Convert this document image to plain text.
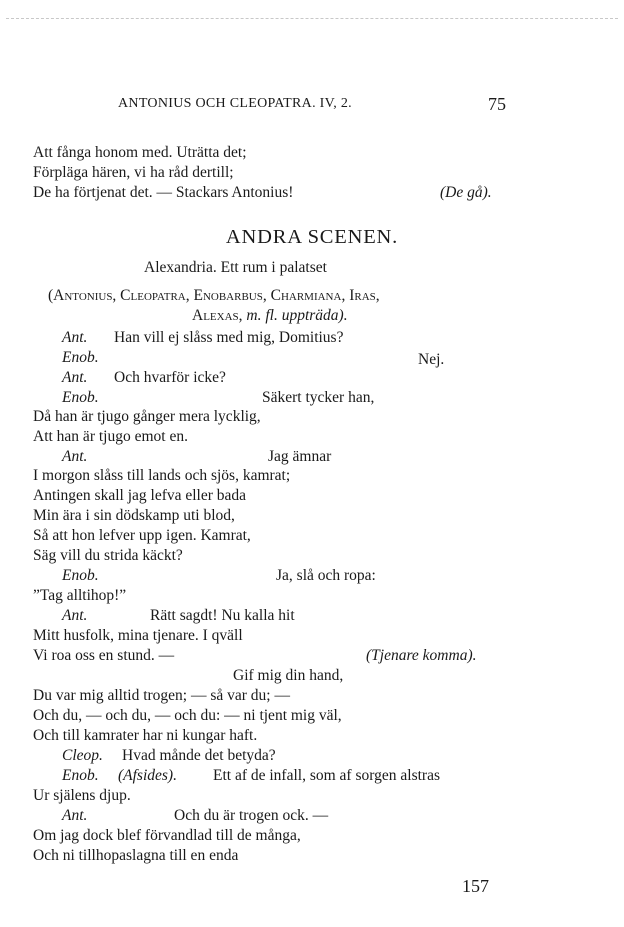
ANTONIUS OCH CLEOPATRA. IV, 2.	75
Att fånga honom med. Uträtta det;
Förpläga hären, vi ha råd dertill;
De ha förtjenat det. — Stackars Antonius!	(De gå).
ANDRA SCENEN.
Alexandria. Ett rum i palatset
(Antonius, Cleopatra, Enobarbus, Charmiana, Iras,
Alexas, m. fl. uppträda).
Ant. Han vill ej slåss med mig, Domitius?
Enob.	Nej.
Ant. Och hvarför icke?
Enob.	Säkert tycker han,
Då han är tjugo gånger mera lycklig,
Att han är tjugo emot en.
Ant.	Jag ämnar
I morgon slåss till lands och sjös, kamrat;
Antingen skall jag lefva eller bada
Min ära i sin dödskamp uti blod,
Så att hon lefver upp igen. Kamrat,
Säg vill du strida käckt?
Enob.	Ja, slå och ropa:
”Tag alltihop!”
Ant.	Rätt sagdt! Nu kalla hit
Mitt husfolk, mina tjenare. I qväll
Vi roa oss en stund. —	(Tjenare komma).
Gif mig din hand,
Du var mig alltid trogen; — så var du; —
Och du, — och du, — och du: — ni tjent mig väl,
Och till kamrater har ni kungar haft.
Cleop. Hvad månde det betyda?
Enob. (Afsides). Ett af de infall, som af sorgen alstras
Ur själens djup.
Ant.	Och du är trogen ock. —
Om jag dock blef förvandlad till de många,
Och ni tillhopaslagna till en enda
157
